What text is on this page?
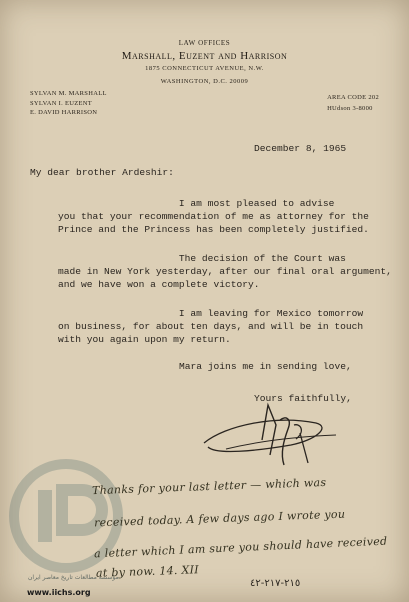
LAW OFFICES
Marshall, Euzent and Harrison
1875 CONNECTICUT AVENUE, N.W.
WASHINGTON, D.C. 20009
SYLVAN M. MARSHALL
SYLVAN I. EUZENT
E. DAVID HARRISON
AREA CODE 202
HUdson 3-8000
December 8, 1965
My dear brother Ardeshir:
I am most pleased to advise
you that your recommendation of me as attorney for the
Prince and the Princess has been completely justified.
The decision of the Court was
made in New York yesterday, after our final oral argument,
and we have won a complete victory.
I am leaving for Mexico tomorrow
on business, for about ten days, and will be in touch
with you again upon my return.
Mara joins me in sending love,
Yours faithfully,
Thanks for your last letter — which was
received today. A few days ago I wrote you
a letter which I am sure you should have received
at by now. 14. XII
٢١٥-٢١٧-٤٢
مؤسسه مطالعات تاریخ معاصر ایران
www.iichs.org
